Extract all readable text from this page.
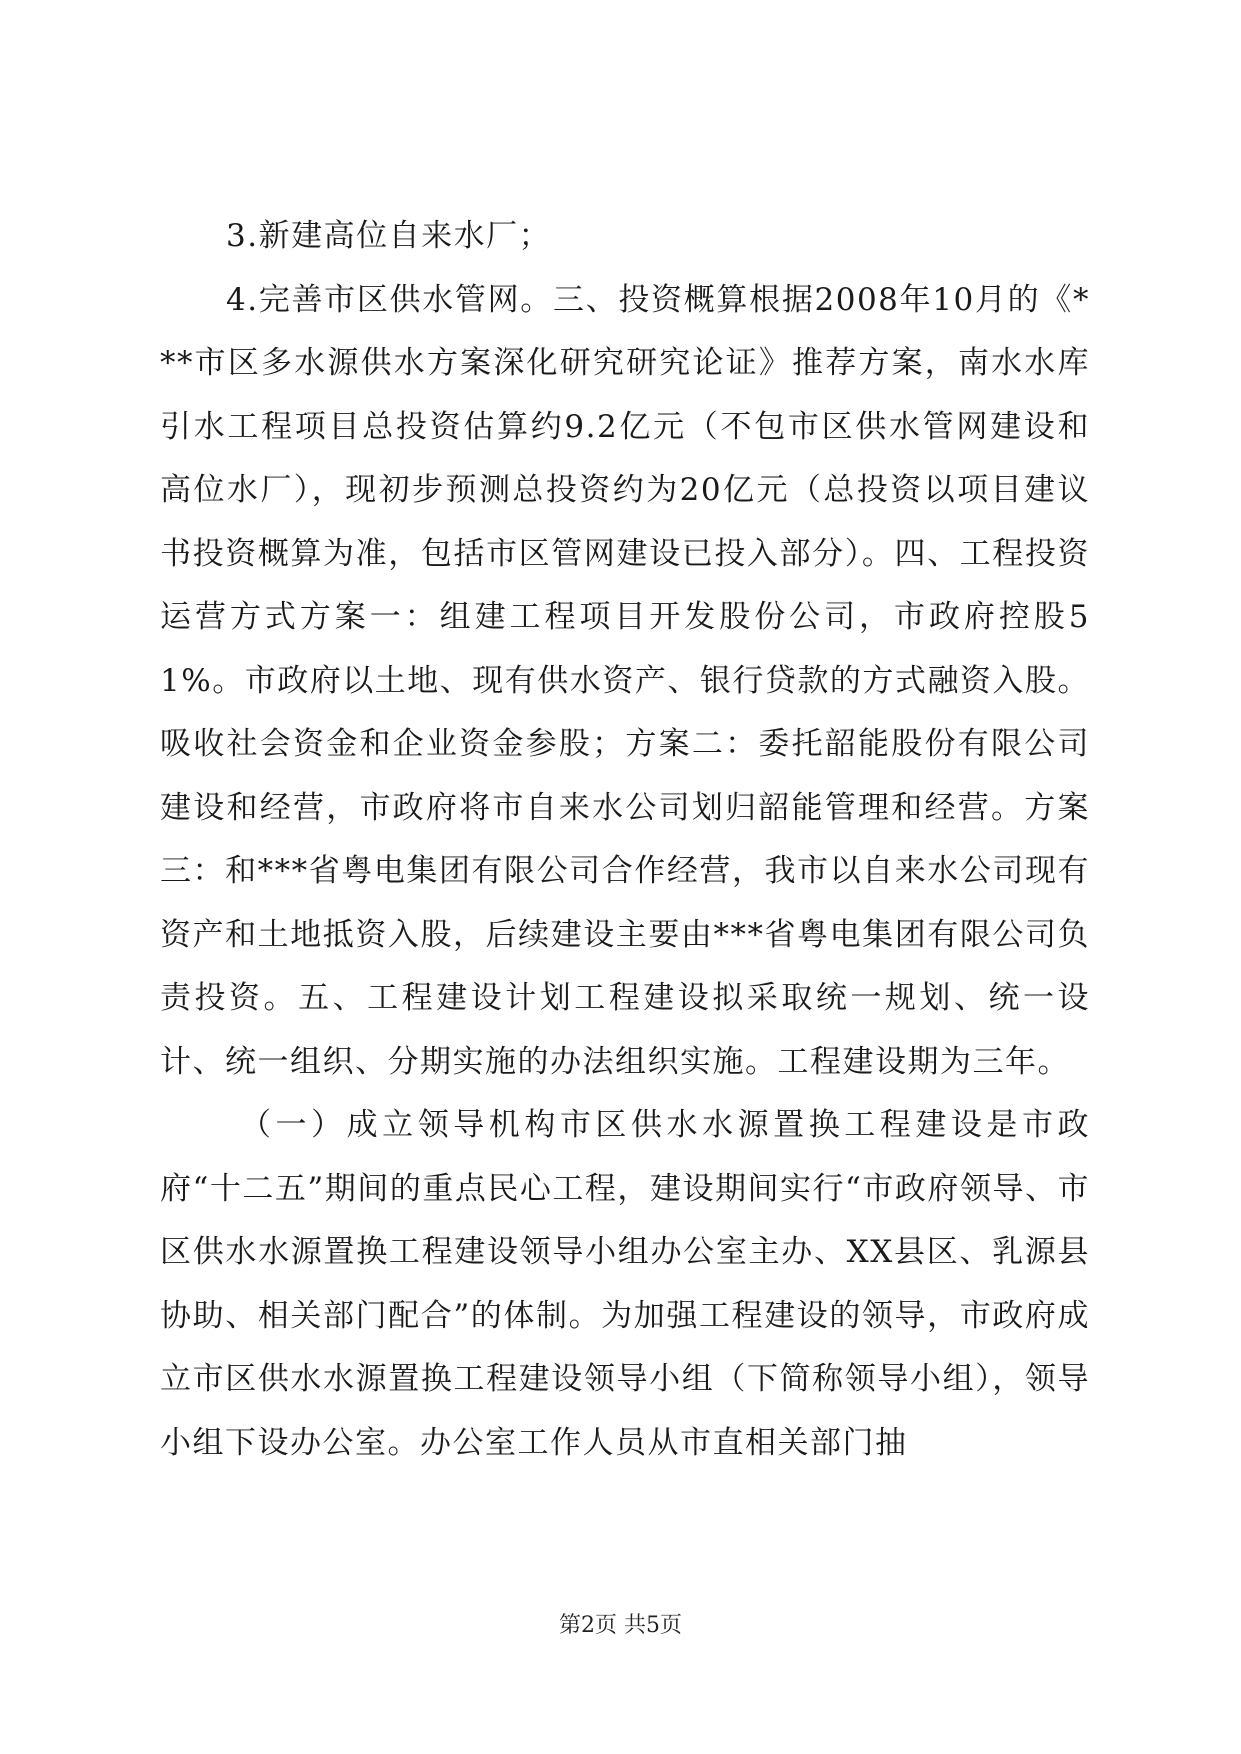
3.新建高位自来水厂；

4.完善市区供水管网。三、投资概算根据2008年10月的《***市区多水源供水方案深化研究研究论证》推荐方案，南水水库引水工程项目总投资估算约9.2亿元（不包市区供水管网建设和高位水厂），现初步预测总投资约为20亿元（总投资以项目建议书投资概算为准，包括市区管网建设已投入部分）。四、工程投资运营方式方案一：组建工程项目开发股份公司，市政府控股51%。市政府以土地、现有供水资产、银行贷款的方式融资入股。吸收社会资金和企业资金参股；方案二：委托韶能股份有限公司建设和经营，市政府将市自来水公司划归韶能管理和经营。方案三：和***省粤电集团有限公司合作经营，我市以自来水公司现有资产和土地抵资入股，后续建设主要由***省粤电集团有限公司负责投资。五、工程建设计划工程建设拟采取统一规划、统一设计、统一组织、分期实施的办法组织实施。工程建设期为三年。

（一）成立领导机构市区供水水源置换工程建设是市政府“十二五”期间的重点民心工程，建设期间实行“市政府领导、市区供水水源置换工程建设领导小组办公室主办、XX县区、乳源县协助、相关部门配合”的体制。为加强工程建设的领导，市政府成立市区供水水源置换工程建设领导小组（下简称领导小组），领导小组下设办公室。办公室工作人员从市直相关部门抽

第2页 共5页
